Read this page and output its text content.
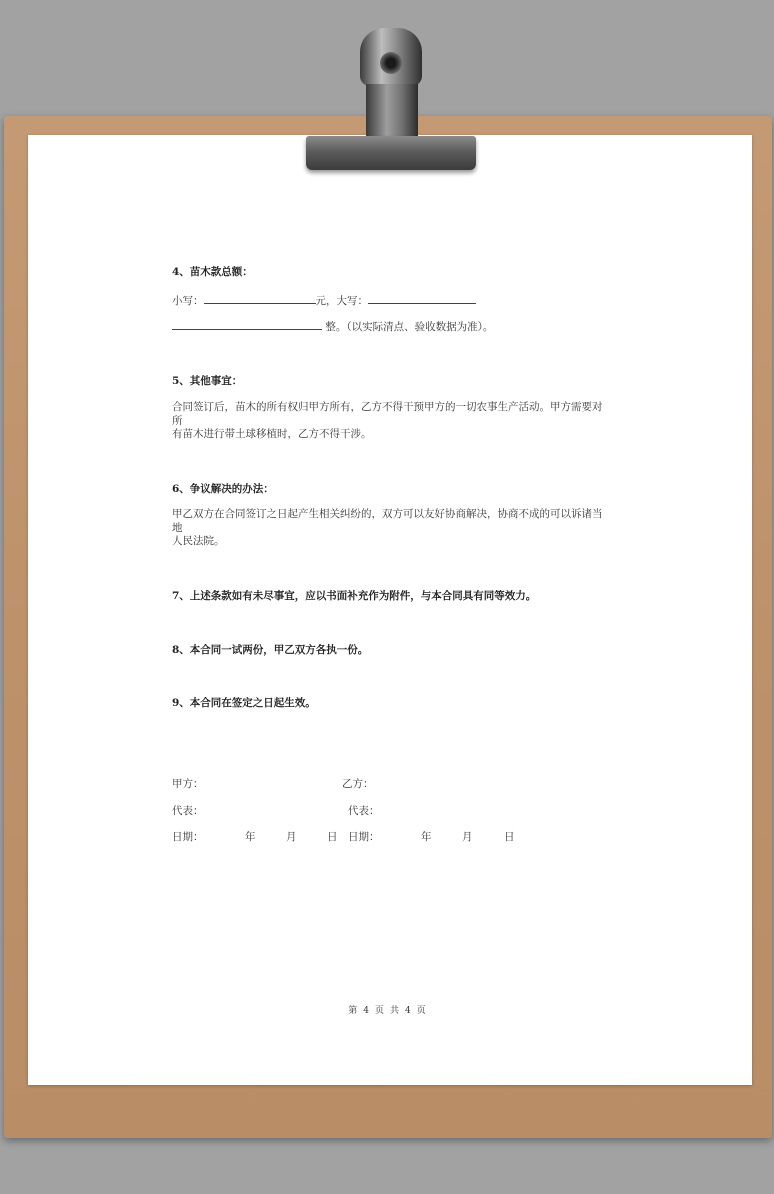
4、苗木款总额：
小写：	元，大写：
整。（以实际清点、验收数据为准）。
5、其他事宜：
合同签订后，苗木的所有权归甲方所有，乙方不得干预甲方的一切农事生产活动。甲方需要对所
有苗木进行带土球移植时，乙方不得干涉。
6、争议解决的办法：
甲乙双方在合同签订之日起产生相关纠纷的，双方可以友好协商解决，协商不成的可以诉诸当地
人民法院。
7、上述条款如有未尽事宜，应以书面补充作为附件，与本合同具有同等效力。
8、本合同一试两份，甲乙双方各执一份。
9、本合同在签定之日起生效。
甲方：	乙方：
代表：	代表：
日期：	年	月	日 日期：	年	月	日
第 4 页 共 4 页
